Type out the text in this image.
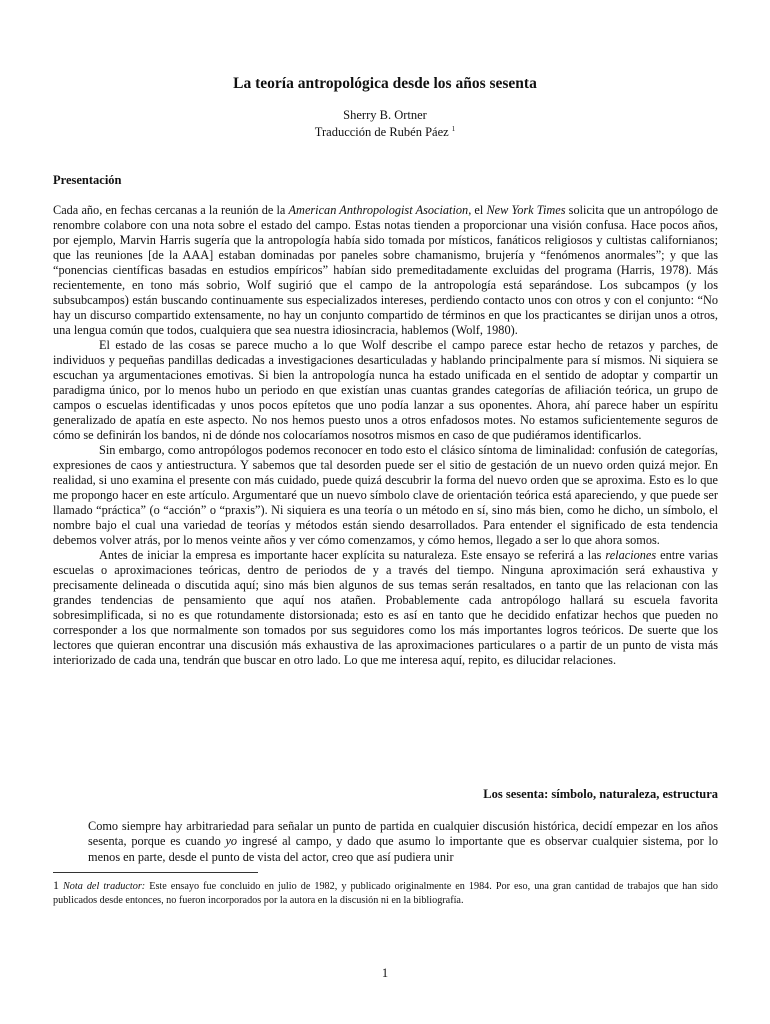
La teoría antropológica desde los años sesenta
Sherry B. Ortner
Traducción de Rubén Páez $^1$
Presentación

Cada año, en fechas cercanas a la reunión de la American Anthropologist Asociation, el New York Times solicita que un antropólogo de renombre colabore con una nota sobre el estado del campo. Estas notas tienden a proporcionar una visión confusa. Hace pocos años, por ejemplo, Marvin Harris sugería que la antropología había sido tomada por místicos, fanáticos religiosos y cultistas californianos; que las reuniones [de la AAA] estaban dominadas por paneles sobre chamanismo, brujería y “fenómenos anormales”; y que las “ponencias científicas basadas en estudios empíricos” habían sido premeditadamente excluidas del programa (Harris, 1978). Más recientemente, en tono más sobrio, Wolf sugirió que el campo de la antropología está separándose. Los subcampos (y los subsubcampos) están buscando continuamente sus especializados intereses, perdiendo contacto unos con otros y con el conjunto: “No hay un discurso compartido extensamente, no hay un conjunto compartido de términos en que los practicantes se dirijan unos a otros, una lengua común que todos, cualquiera que sea nuestra idiosincracia, hablemos (Wolf, 1980).

El estado de las cosas se parece mucho a lo que Wolf describe el campo parece estar hecho de retazos y parches, de individuos y pequeñas pandillas dedicadas a investigaciones desarticuladas y hablando principalmente para sí mismos. Ni siquiera se escuchan ya argumentaciones emotivas. Si bien la antropología nunca ha estado unificada en el sentido de adoptar y compartir un paradigma único, por lo menos hubo un periodo en que existían unas cuantas grandes categorías de afiliación teórica, un grupo de campos o escuelas identificadas y unos pocos epítetos que uno podía lanzar a sus oponentes. Ahora, ahí parece haber un espíritu generalizado de apatía en este aspecto. No nos hemos puesto unos a otros enfadosos motes. No estamos suficientemente seguros de cómo se definirán los bandos, ni de dónde nos colocaríamos nosotros mismos en caso de que pudiéramos identificarlos.

Sin embargo, como antropólogos podemos reconocer en todo esto el clásico síntoma de liminalidad: confusión de categorías, expresiones de caos y antiestructura. Y sabemos que tal desorden puede ser el sitio de gestación de un nuevo orden quizá mejor. En realidad, si uno examina el presente con más cuidado, puede quizá descubrir la forma del nuevo orden que se aproxima. Esto es lo que me propongo hacer en este artículo. Argumentaré que un nuevo símbolo clave de orientación teórica está apareciendo, y que puede ser llamado “práctica” (o “acción” o “praxis”). Ni siquiera es una teoría o un método en sí, sino más bien, como he dicho, un símbolo, el nombre bajo el cual una variedad de teorías y métodos están siendo desarrollados. Para entender el significado de esta tendencia debemos volver atrás, por lo menos veinte años y ver cómo comenzamos, y cómo hemos, llegado a ser lo que ahora somos.

Antes de iniciar la empresa es importante hacer explícita su naturaleza. Este ensayo se referirá a las relaciones entre varias escuelas o aproximaciones teóricas, dentro de periodos de y a través del tiempo. Ninguna aproximación será exhaustiva y precisamente delineada o discutida aquí; sino más bien algunos de sus temas serán resaltados, en tanto que las relacionan con las grandes tendencias de pensamiento que aquí nos atañen. Probablemente cada antropólogo hallará su escuela favorita sobresimplificada, si no es que rotundamente distorsionada; esto es así en tanto que he decidido enfatizar hechos que pueden no corresponder a los que normalmente son tomados por sus seguidores como los más importantes logros teóricos. De suerte que los lectores que quieran encontrar una discusión más exhaustiva de las aproximaciones particulares o a partir de un punto de vista más interiorizado de cada una, tendrán que buscar en otro lado. Lo que me interesa aquí, repito, es dilucidar relaciones.

Los sesenta: símbolo, naturaleza, estructura

Como siempre hay arbitrariedad para señalar un punto de partida en cualquier discusión histórica, decidí empezar en los años sesenta, porque es cuando yo ingresé al campo, y dado que asumo lo importante que es observar cualquier sistema, por lo menos en parte, desde el punto de vista del actor, creo que así pudiera unir

1 Nota del traductor: Este ensayo fue concluido en julio de 1982, y publicado originalmente en 1984. Por eso, una gran cantidad de trabajos que han sido publicados desde entonces, no fueron incorporados por la autora en la discusión ni en la bibliografía.
1
